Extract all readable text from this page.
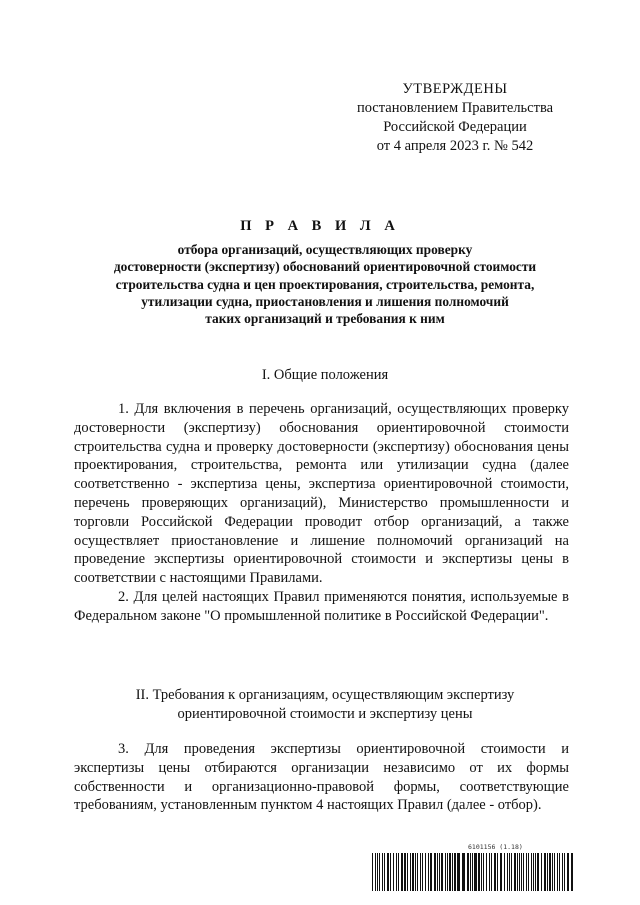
УТВЕРЖДЕНЫ
постановлением Правительства
Российской Федерации
от 4 апреля 2023 г. № 542
П Р А В И Л А
отбора организаций, осуществляющих проверку
достоверности (экспертизу) обоснований ориентировочной стоимости
строительства судна и цен проектирования, строительства, ремонта,
утилизации судна, приостановления и лишения полномочий
таких организаций и требования к ним
I. Общие положения

1. Для включения в перечень организаций, осуществляющих проверку достоверности (экспертизу) обоснования ориентировочной стоимости строительства судна и проверку достоверности (экспертизу) обоснования цены проектирования, строительства, ремонта или утилизации судна (далее соответственно - экспертиза цены, экспертиза ориентировочной стоимости, перечень проверяющих организаций), Министерство промышленности и торговли Российской Федерации проводит отбор организаций, а также осуществляет приостановление и лишение полномочий организаций на проведение экспертизы ориентировочной стоимости и экспертизы цены в соответствии с настоящими Правилами.

2. Для целей настоящих Правил применяются понятия, используемые в Федеральном законе "О промышленной политике в Российской Федерации".

II. Требования к организациям, осуществляющим экспертизу
ориентировочной стоимости и экспертизу цены

3. Для проведения экспертизы ориентировочной стоимости и экспертизы цены отбираются организации независимо от их формы собственности и организационно-правовой формы, соответствующие требованиям, установленным пунктом 4 настоящих Правил (далее - отбор).

6101156 (1.18)
